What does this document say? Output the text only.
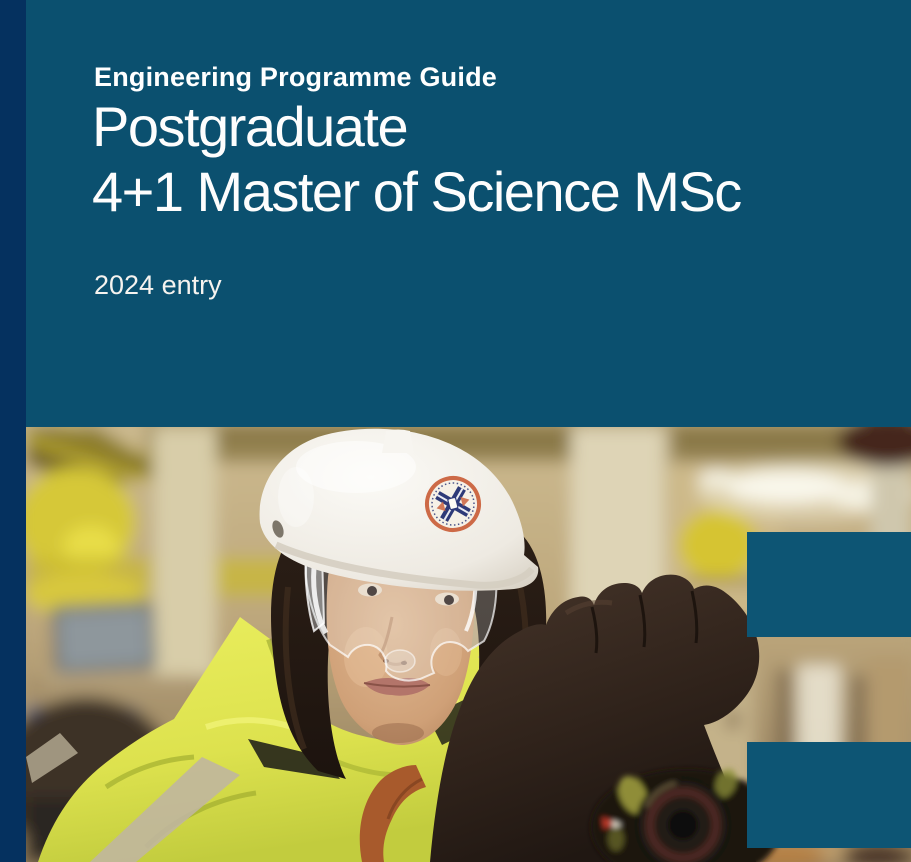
Engineering Programme Guide
Postgraduate
4+1 Master of Science MSc
2024 entry
